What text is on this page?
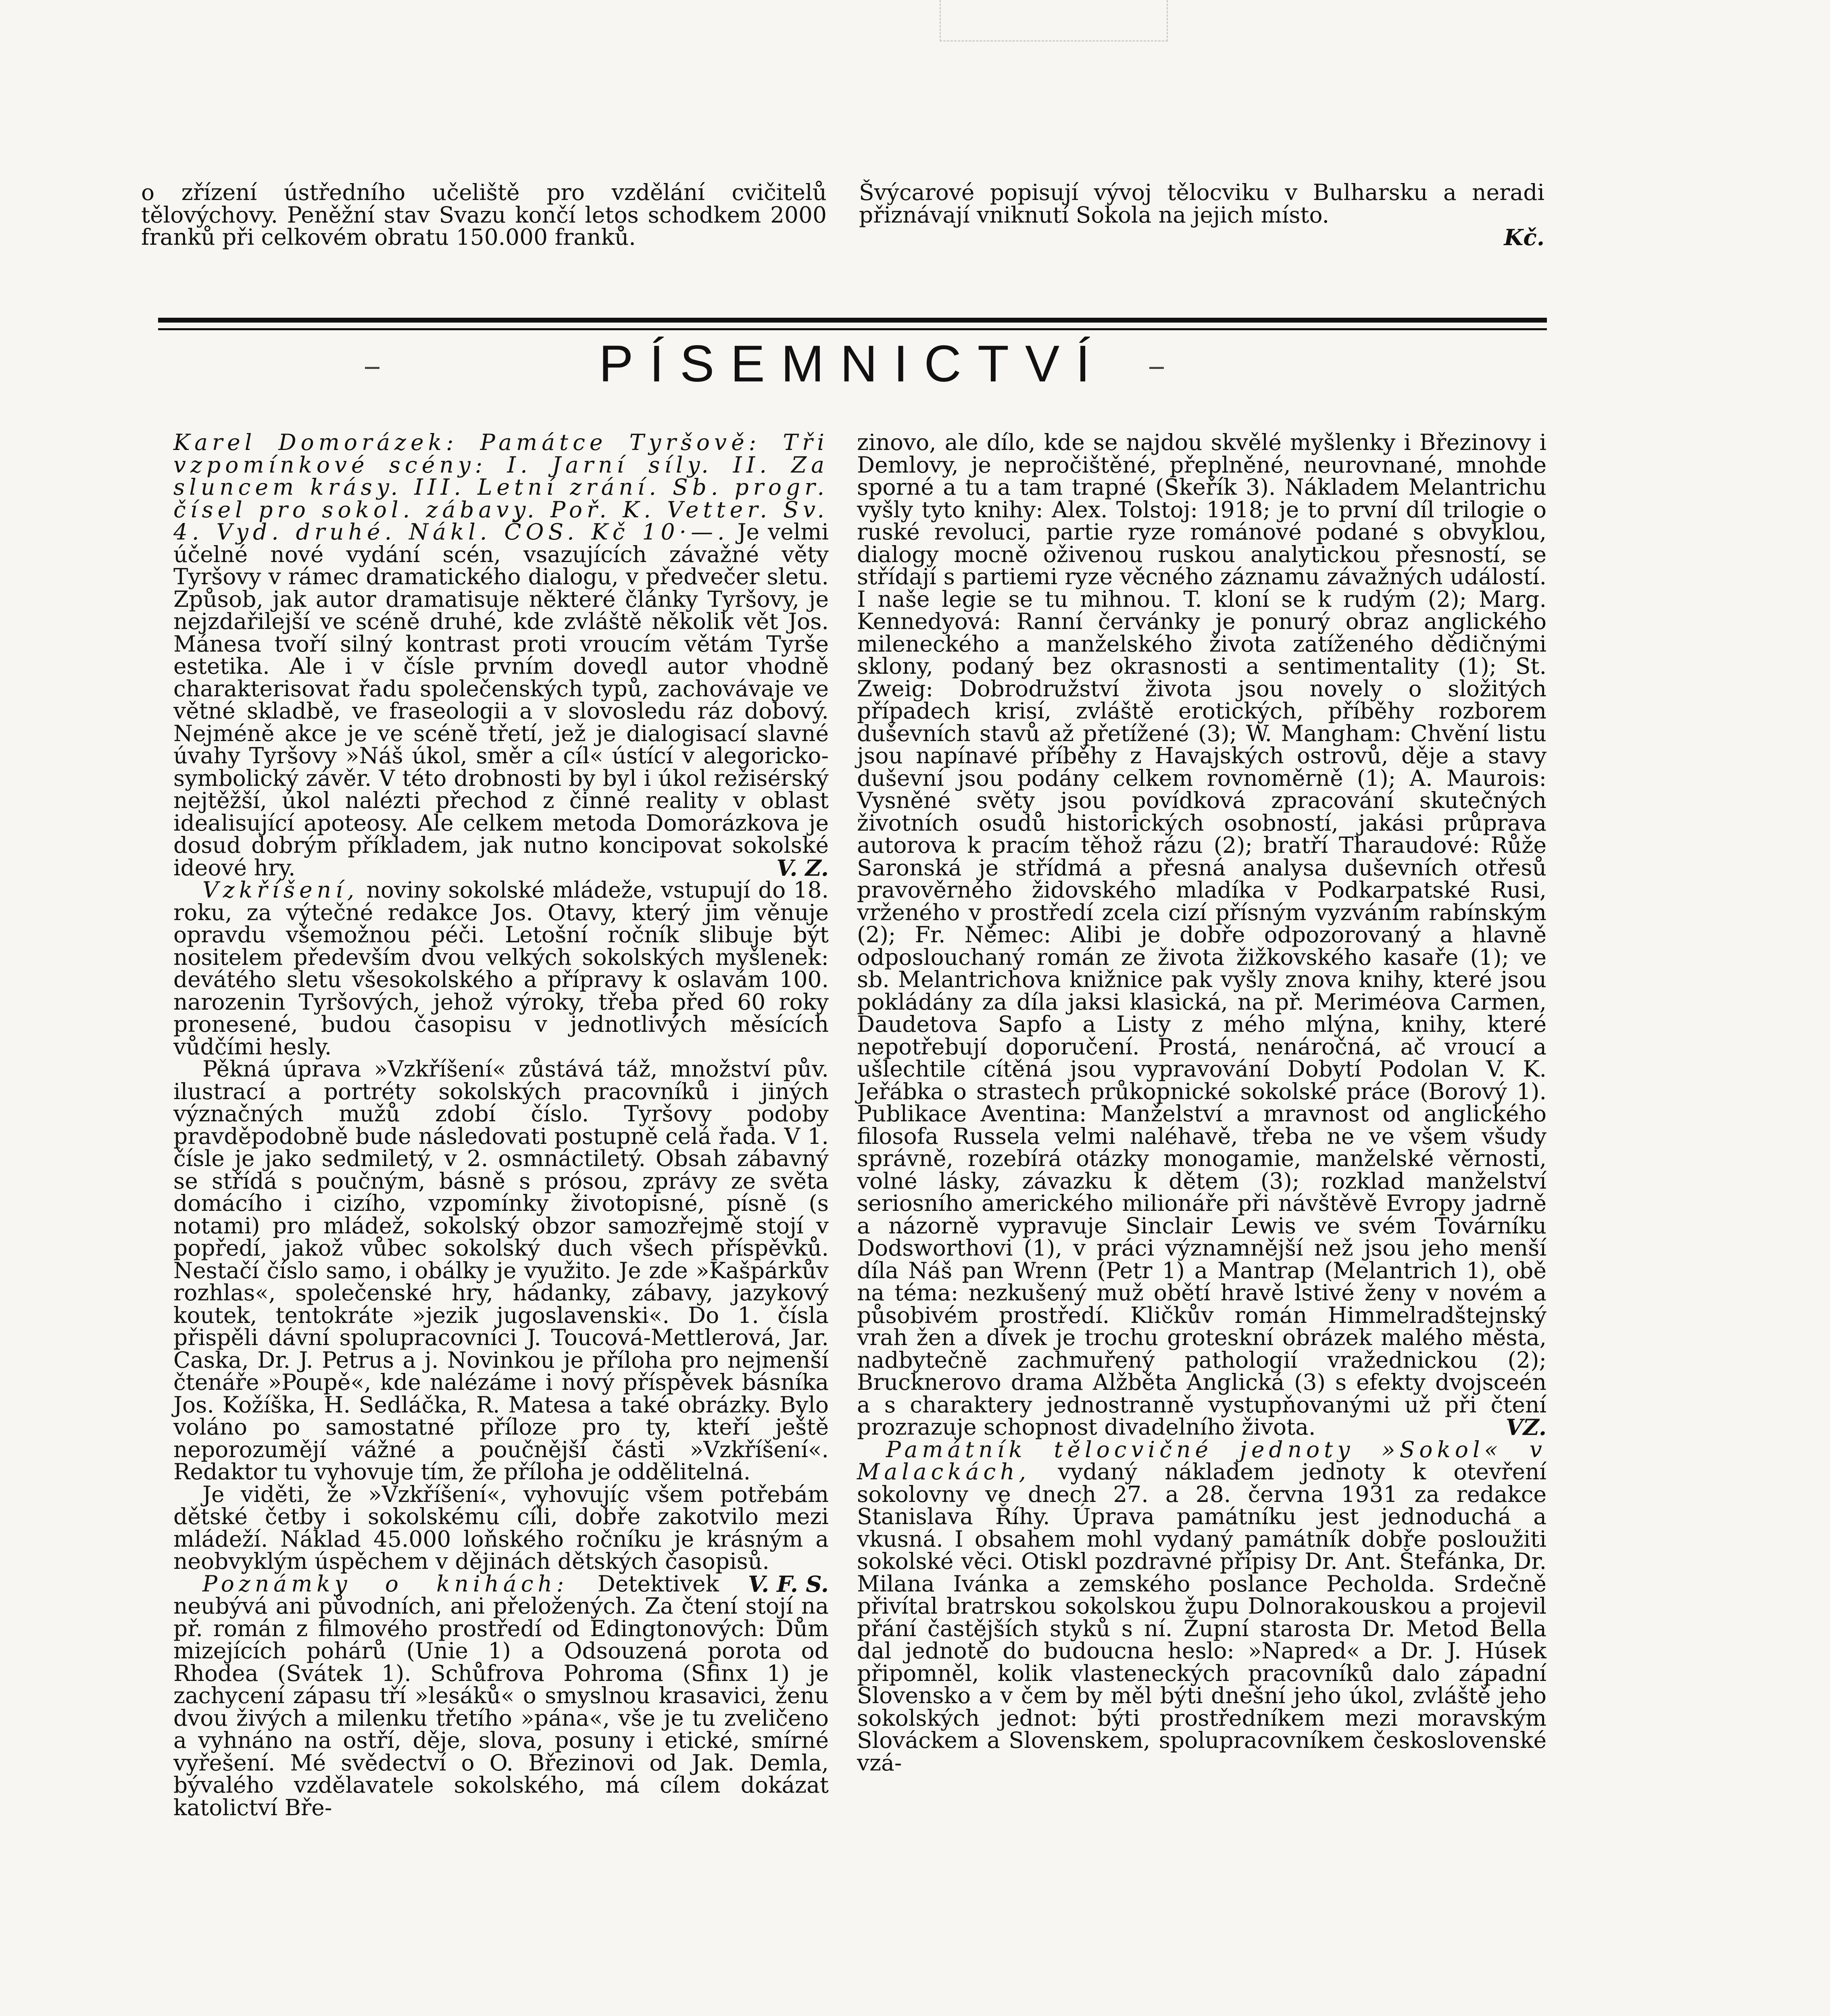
o zřízení ústředního učeliště pro vzdělání cvičitelů tělovýchovy. Peněžní stav Svazu končí letos schodkem 2000 franků při celkovém obratu 150.000 franků.

Švýcarové popisují vývoj tělocviku v Bulharsku a neradi přiznávají vniknutí Sokola na jejich místo.

Kč.

PÍSEMNICTVÍ

Karel Domorázek: Památce Tyršově: Tři vzpomínkové scény: I. Jarní síly. II. Za sluncem krásy. III. Letní zrání. Sb. progr. čísel pro sokol. zábavy. Poř. K. Vetter. Sv. 4. Vyd. druhé. Nákl. ČOS. Kč 10·—. Je velmi účelné nové vydání scén, vsazujících závažné věty Tyršovy v rámec dramatického dialogu, v předvečer sletu. Způsob, jak autor dramatisuje některé články Tyršovy, je nejzdařilejší ve scéně druhé, kde zvláště několik vět Jos. Mánesa tvoří silný kontrast proti vroucím větám Tyrše estetika. Ale i v čísle prvním dovedl autor vhodně charakterisovat řadu společenských typů, zachovávaje ve větné skladbě, ve fraseologii a v slovosledu ráz dobový. Nejméně akce je ve scéně třetí, jež je dialogisací slavné úvahy Tyršovy »Náš úkol, směr a cíl« ústící v alegoricko-symbolický závěr. V této drobnosti by byl i úkol režisérský nejtěžší, úkol nalézti přechod z činné reality v oblast idealisující apoteosy. Ale celkem metoda Domorázkova je dosud dobrým příkladem, jak nutno koncipovat sokolské ideové hry.	V. Z.

Vzkříšení, noviny sokolské mládeže, vstupují do 18. roku, za výtečné redakce Jos. Otavy, který jim věnuje opravdu všemožnou péči. Letošní ročník slibuje být nositelem především dvou velkých sokolských myšlenek: devátého sletu všesokolského a přípravy k oslavám 100. narozenin Tyršových, jehož výroky, třeba před 60 roky pronesené, budou časopisu v jednotlivých měsících vůdčími hesly.

Pěkná úprava »Vzkříšení« zůstává táž, množství pův. ilustrací a portréty sokolských pracovníků i jiných význačných mužů zdobí číslo. Tyršovy podoby pravděpodobně bude následovati postupně celá řada. V 1. čísle je jako sedmiletý, v 2. osmnáctiletý. Obsah zábavný se střídá s poučným, básně s prósou, zprávy ze světa domácího i cizího, vzpomínky životopisné, písně (s notami) pro mládež, sokolský obzor samozřejmě stojí v popředí, jakož vůbec sokolský duch všech příspěvků. Nestačí číslo samo, i obálky je využito. Je zde »Kašpárkův rozhlas«, společenské hry, hádanky, zábavy, jazykový koutek, tentokráte »jezik jugoslavenski«. Do 1. čísla přispěli dávní spolupracovníci J. Toucová-Mettlerová, Jar. Caska, Dr. J. Petrus a j. Novinkou je příloha pro nejmenší čtenáře »Poupě«, kde nalézáme i nový příspěvek básníka Jos. Kožíška, H. Sedláčka, R. Matesa a také obrázky. Bylo voláno po samostatné příloze pro ty, kteří ještě neporozumějí vážné a poučnější části »Vzkříšení«. Redaktor tu vyhovuje tím, že příloha je oddělitelná.

Je viděti, že »Vzkříšení«, vyhovujíc všem potřebám dětské četby i sokolskému cíli, dobře zakotvilo mezi mládeží. Náklad 45.000 loňského ročníku je krásným a neobvyklým úspěchem v dějinách dětských časopisů.
V. F. S.

Poznámky o knihách: Detektivek neubývá ani původních, ani přeložených. Za čtení stojí na př. román z filmového prostředí od Edingtonových: Dům mizejících pohárů (Unie 1) a Odsouzená porota od Rhodea (Svátek 1). Schůfrova Pohroma (Sfinx 1) je zachycení zápasu tří »lesáků« o smyslnou krasavici, ženu dvou živých a milenku třetího »pána«, vše je tu zveličeno a vyhnáno na ostří, děje, slova, posuny i etické, smírné vyřešení. Mé svědectví o O. Březinovi od Jak. Demla, bývalého vzdělavatele sokolského, má cílem dokázat katolictví Bře-

zinovo, ale dílo, kde se najdou skvělé myšlenky i Březinovy i Demlovy, je nepročištěné, přeplněné, neurovnané, mnohde sporné a tu a tam trapné (Skeřík 3). Nákladem Melantrichu vyšly tyto knihy: Alex. Tolstoj: 1918; je to první díl trilogie o ruské revoluci, partie ryze románové podané s obvyklou, dialogy mocně oživenou ruskou analytickou přesností, se střídají s partiemi ryze věcného záznamu závažných událostí. I naše legie se tu mihnou. T. kloní se k rudým (2); Marg. Kennedyová: Ranní červánky je ponurý obraz anglického mileneckého a manželského života zatíženého dědičnými sklony, podaný bez okrasnosti a sentimentality (1); St. Zweig: Dobrodružství života jsou novely o složitých případech krisí, zvláště erotických, příběhy rozborem duševních stavů až přetížené (3); W. Mangham: Chvění listu jsou napínavé příběhy z Havajských ostrovů, děje a stavy duševní jsou podány celkem rovnoměrně (1); A. Maurois: Vysněné světy jsou povídková zpracování skutečných životních osudů historických osobností, jakási průprava autorova k pracím těhož rázu (2); bratří Tharaudové: Růže Saronská je střídmá a přesná analysa duševních otřesů pravověrného židovského mladíka v Podkarpatské Rusi, vrženého v prostředí zcela cizí přísným vyzváním rabínským (2); Fr. Němec: Alibi je dobře odpozorovaný a hlavně odposlouchaný román ze života žižkovského kasaře (1); ve sb. Melantrichova knižnice pak vyšly znova knihy, které jsou pokládány za díla jaksi klasická, na př. Meriméova Carmen, Daudetova Sapfo a Listy z mého mlýna, knihy, které nepotřebují doporučení. Prostá, nenáročná, ač vroucí a ušlechtile cítěná jsou vypravování Dobytí Podolan V. K. Jeřábka o strastech průkopnické sokolské práce (Borový 1). Publikace Aventina: Manželství a mravnost od anglického filosofa Russela velmi naléhavě, třeba ne ve všem všudy správně, rozebírá otázky monogamie, manželské věrnosti, volné lásky, závazku k dětem (3); rozklad manželství seriosního amerického milionáře při návštěvě Evropy jadrně a názorně vypravuje Sinclair Lewis ve svém Továrníku Dodsworthovi (1), v práci významnější než jsou jeho menší díla Náš pan Wrenn (Petr 1) a Mantrap (Melantrich 1), obě na téma: nezkušený muž obětí hravě lstivé ženy v novém a působivém prostředí. Kličkův román Himmelradštejnský vrah žen a dívek je trochu groteskní obrázek malého města, nadbytečně zachmuřený pathologií vražednickou (2); Brucknerovo drama Alžběta Anglická (3) s efekty dvojsceén a s charaktery jednostranně vystupňovanými už při čtení prozrazuje schopnost divadelního života.	VZ.

Památník tělocvičné jednoty »Sokol« v Malackách, vydaný nákladem jednoty k otevření sokolovny ve dnech 27. a 28. června 1931 za redakce Stanislava Říhy. Úprava památníku jest jednoduchá a vkusná. I obsahem mohl vydaný památník dobře posloužiti sokolské věci. Otiskl pozdravné přípisy Dr. Ant. Štefánka, Dr. Milana Ivánka a zemského poslance Pecholda. Srdečně přivítal bratrskou sokolskou župu Dolnorakouskou a projevil přání častějších styků s ní. Župní starosta Dr. Metod Bella dal jednotě do budoucna heslo: »Napred« a Dr. J. Húsek připomněl, kolik vlasteneckých pracovníků dalo západní Slovensko a v čem by měl býti dnešní jeho úkol, zvláště jeho sokolských jednot: býti prostředníkem mezi moravským Slováckem a Slovenskem, spolupracovníkem československé vzá-
